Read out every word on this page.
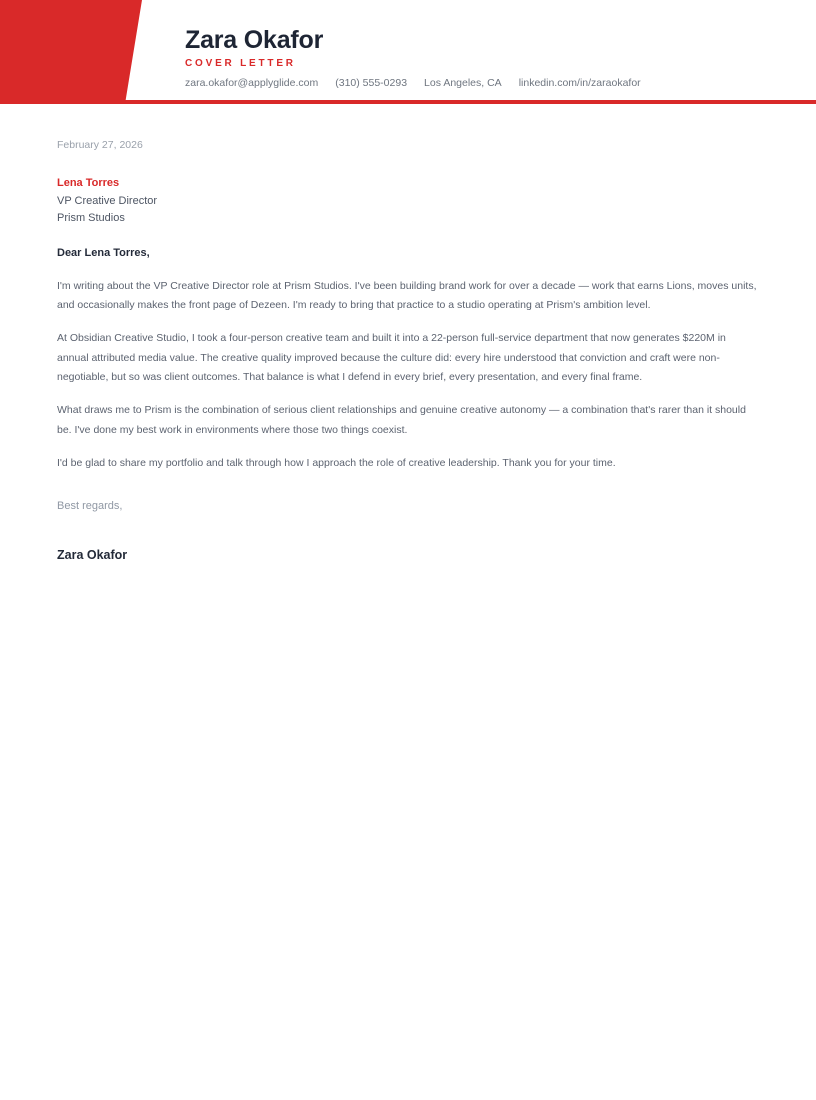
Zara Okafor
COVER LETTER
zara.okafor@applyglide.com (310) 555-0293 Los Angeles, CA linkedin.com/in/zaraokafor
February 27, 2026
Lena Torres
VP Creative Director
Prism Studios
Dear Lena Torres,

I'm writing about the VP Creative Director role at Prism Studios. I've been building brand work for over a decade — work that earns Lions, moves units, and occasionally makes the front page of Dezeen. I'm ready to bring that practice to a studio operating at Prism's ambition level.

At Obsidian Creative Studio, I took a four-person creative team and built it into a 22-person full-service department that now generates $220M in annual attributed media value. The creative quality improved because the culture did: every hire understood that conviction and craft were non-negotiable, but so was client outcomes. That balance is what I defend in every brief, every presentation, and every final frame.

What draws me to Prism is the combination of serious client relationships and genuine creative autonomy — a combination that's rarer than it should be. I've done my best work in environments where those two things coexist.

I'd be glad to share my portfolio and talk through how I approach the role of creative leadership. Thank you for your time.

Best regards,
Zara Okafor
